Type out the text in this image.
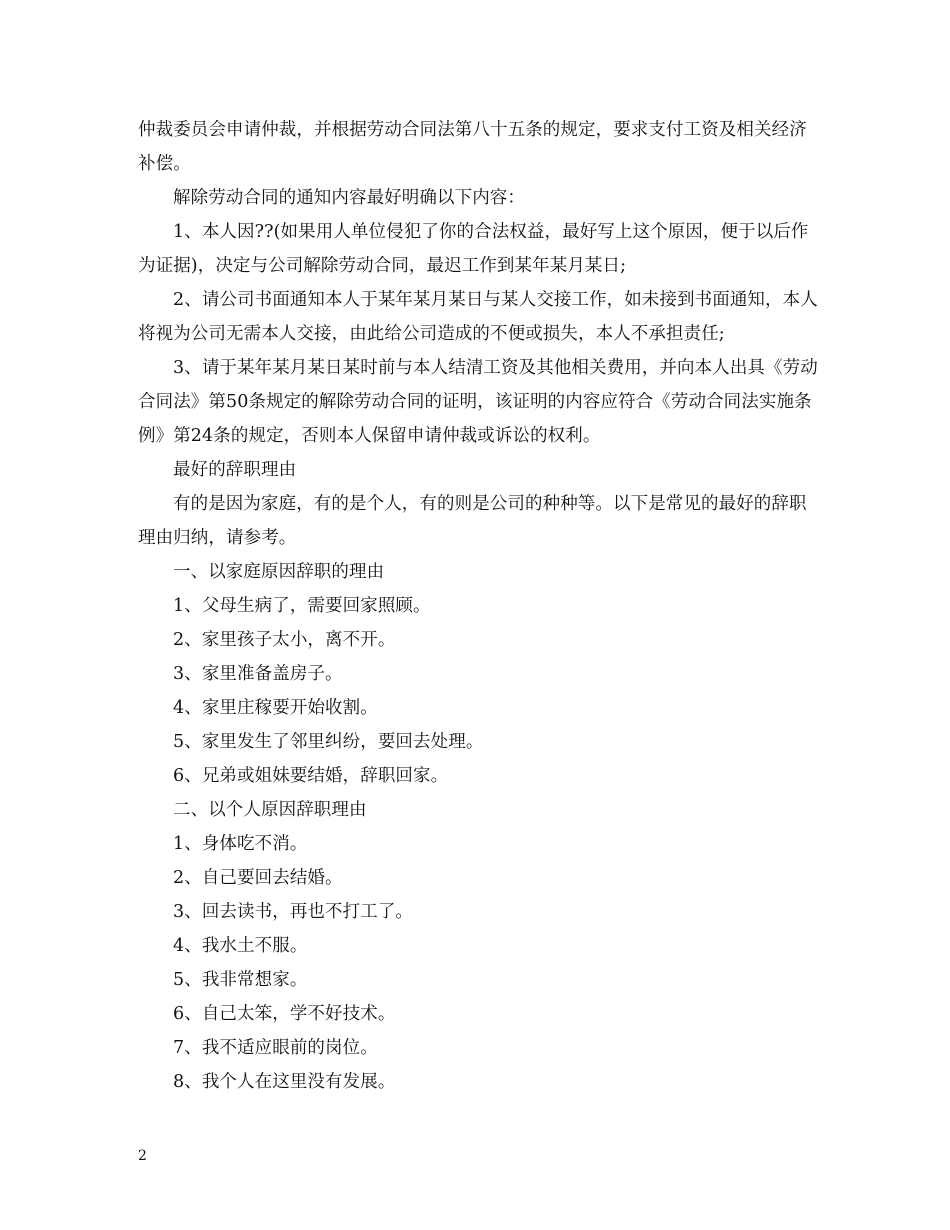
仲裁委员会申请仲裁，并根据劳动合同法第八十五条的规定，要求支付工资及相关经济补偿。

解除劳动合同的通知内容最好明确以下内容：

1、本人因??(如果用人单位侵犯了你的合法权益，最好写上这个原因，便于以后作为证据)，决定与公司解除劳动合同，最迟工作到某年某月某日;

2、请公司书面通知本人于某年某月某日与某人交接工作，如未接到书面通知，本人将视为公司无需本人交接，由此给公司造成的不便或损失，本人不承担责任;

3、请于某年某月某日某时前与本人结清工资及其他相关费用，并向本人出具《劳动合同法》第50条规定的解除劳动合同的证明，该证明的内容应符合《劳动合同法实施条例》第24条的规定，否则本人保留申请仲裁或诉讼的权利。

最好的辞职理由

有的是因为家庭，有的是个人，有的则是公司的种种等。以下是常见的最好的辞职理由归纳，请参考。

一、以家庭原因辞职的理由

1、父母生病了，需要回家照顾。

2、家里孩子太小，离不开。

3、家里准备盖房子。

4、家里庄稼要开始收割。

5、家里发生了邻里纠纷，要回去处理。

6、兄弟或姐妹要结婚，辞职回家。

二、以个人原因辞职理由

1、身体吃不消。

2、自己要回去结婚。

3、回去读书，再也不打工了。

4、我水土不服。

5、我非常想家。

6、自己太笨，学不好技术。

7、我不适应眼前的岗位。

8、我个人在这里没有发展。

2
